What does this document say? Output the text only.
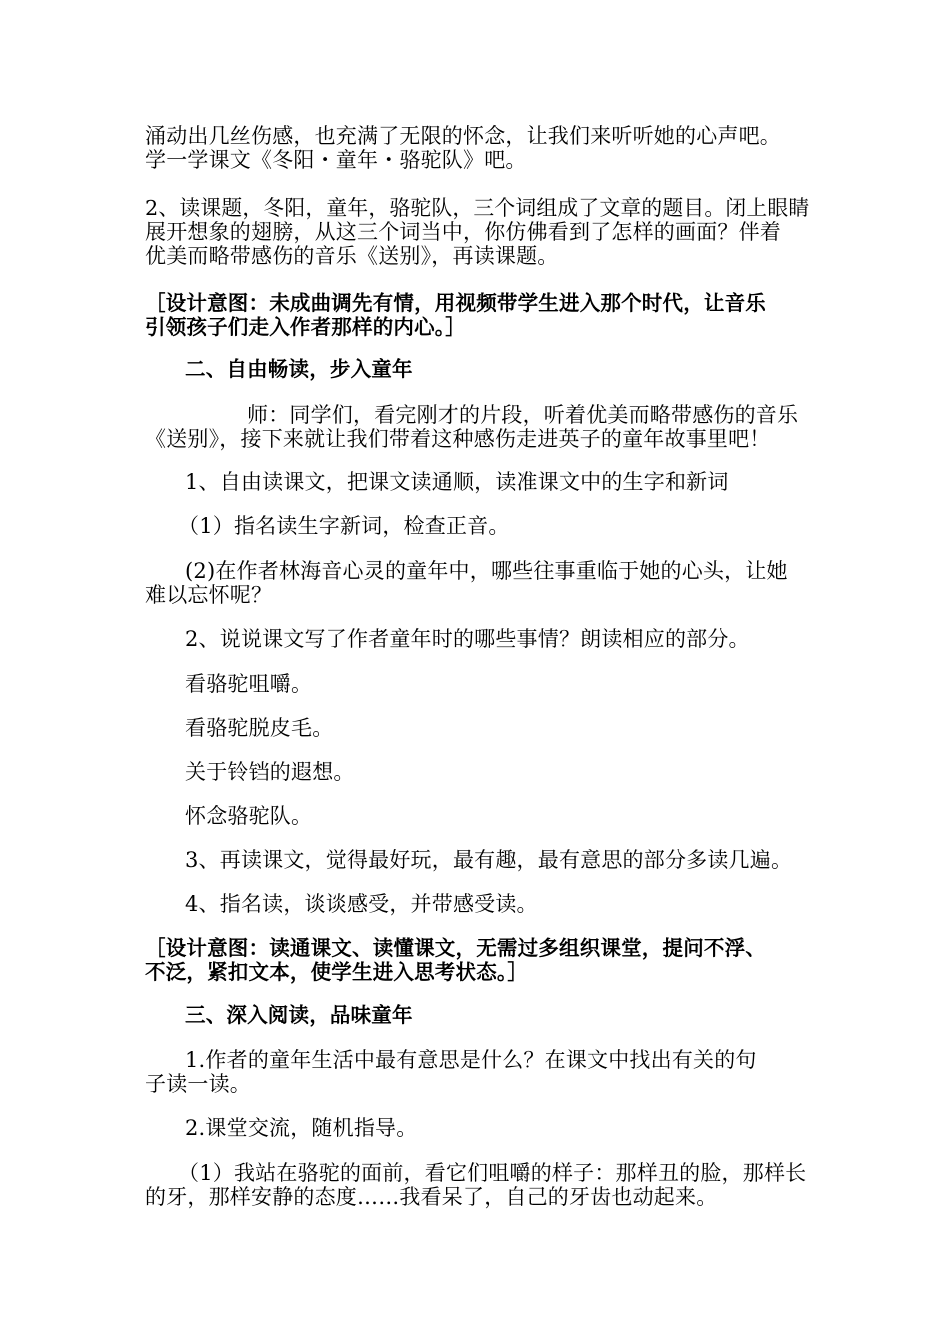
涌动出几丝伤感，也充满了无限的怀念，让我们来听听她的心声吧。
学一学课文《冬阳・童年・骆驼队》吧。
2、读课题，冬阳，童年，骆驼队，三个词组成了文章的题目。闭上眼睛
展开想象的翅膀，从这三个词当中，你仿佛看到了怎样的画面？伴着
优美而略带感伤的音乐《送别》，再读课题。
［设计意图：未成曲调先有情，用视频带学生进入那个时代，让音乐
引领孩子们走入作者那样的内心。］
二、自由畅读，步入童年
师：同学们，看完刚才的片段，听着优美而略带感伤的音乐
《送别》，接下来就让我们带着这种感伤走进英子的童年故事里吧！
1、自由读课文，把课文读通顺，读准课文中的生字和新词
（1）指名读生字新词，检查正音。
(2)在作者林海音心灵的童年中，哪些往事重临于她的心头，让她
难以忘怀呢？
2、说说课文写了作者童年时的哪些事情？朗读相应的部分。
看骆驼咀嚼。
看骆驼脱皮毛。
关于铃铛的遐想。
怀念骆驼队。
3、再读课文，觉得最好玩，最有趣，最有意思的部分多读几遍。
4、指名读，谈谈感受，并带感受读。
［设计意图：读通课文、读懂课文，无需过多组织课堂，提问不浮、
不泛，紧扣文本，使学生进入思考状态。］
三、深入阅读，品味童年
1.作者的童年生活中最有意思是什么？在课文中找出有关的句
子读一读。
2.课堂交流，随机指导。
（1）我站在骆驼的面前，看它们咀嚼的样子：那样丑的脸，那样长
的牙，那样安静的态度……我看呆了，自己的牙齿也动起来。
